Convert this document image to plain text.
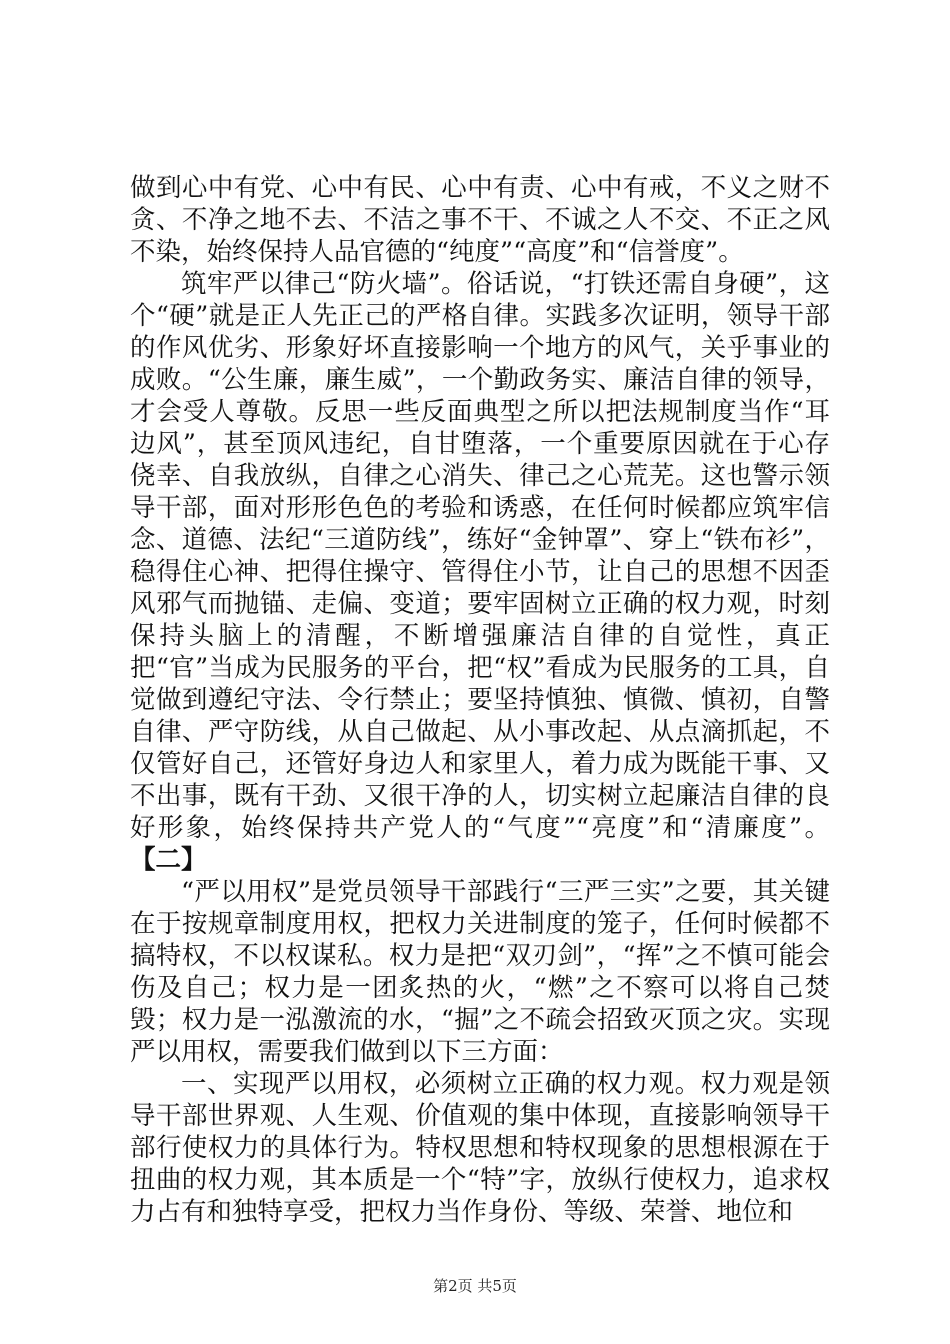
做到心中有党、心中有民、心中有责、心中有戒，不义之财不贪、不净之地不去、不洁之事不干、不诚之人不交、不正之风不染，始终保持人品官德的“纯度”“高度”和“信誉度”。

筑牢严以律己“防火墙”。俗话说，“打铁还需自身硬”，这个“硬”就是正人先正己的严格自律。实践多次证明，领导干部的作风优劣、形象好坏直接影响一个地方的风气，关乎事业的成败。“公生廉，廉生威”，一个勤政务实、廉洁自律的领导，才会受人尊敬。反思一些反面典型之所以把法规制度当作“耳边风”，甚至顶风违纪，自甘堕落，一个重要原因就在于心存侥幸、自我放纵，自律之心消失、律己之心荒芜。这也警示领导干部，面对形形色色的考验和诱惑，在任何时候都应筑牢信念、道德、法纪“三道防线”，练好“金钟罩”、穿上“铁布衫”，稳得住心神、把得住操守、管得住小节，让自己的思想不因歪风邪气而抛锚、走偏、变道；要牢固树立正确的权力观，时刻保持头脑上的清醒，不断增强廉洁自律的自觉性，真正把“官”当成为民服务的平台，把“权”看成为民服务的工具，自觉做到遵纪守法、令行禁止；要坚持慎独、慎微、慎初，自警自律、严守防线，从自己做起、从小事改起、从点滴抓起，不仅管好自己，还管好身边人和家里人，着力成为既能干事、又不出事，既有干劲、又很干净的人，切实树立起廉洁自律的良好形象，始终保持共产党人的“气度”“亮度”和“清廉度”。【二】

“严以用权”是党员领导干部践行“三严三实”之要，其关键在于按规章制度用权，把权力关进制度的笼子，任何时候都不搞特权，不以权谋私。权力是把“双刃剑”，“挥”之不慎可能会伤及自己；权力是一团炙热的火，“燃”之不察可以将自己焚毁；权力是一泓激流的水，“掘”之不疏会招致灭顶之灾。实现严以用权，需要我们做到以下三方面：

一、实现严以用权，必须树立正确的权力观。权力观是领导干部世界观、人生观、价值观的集中体现，直接影响领导干部行使权力的具体行为。特权思想和特权现象的思想根源在于扭曲的权力观，其本质是一个“特”字，放纵行使权力，追求权力占有和独特享受，把权力当作身份、等级、荣誉、地位和

第2页 共5页
